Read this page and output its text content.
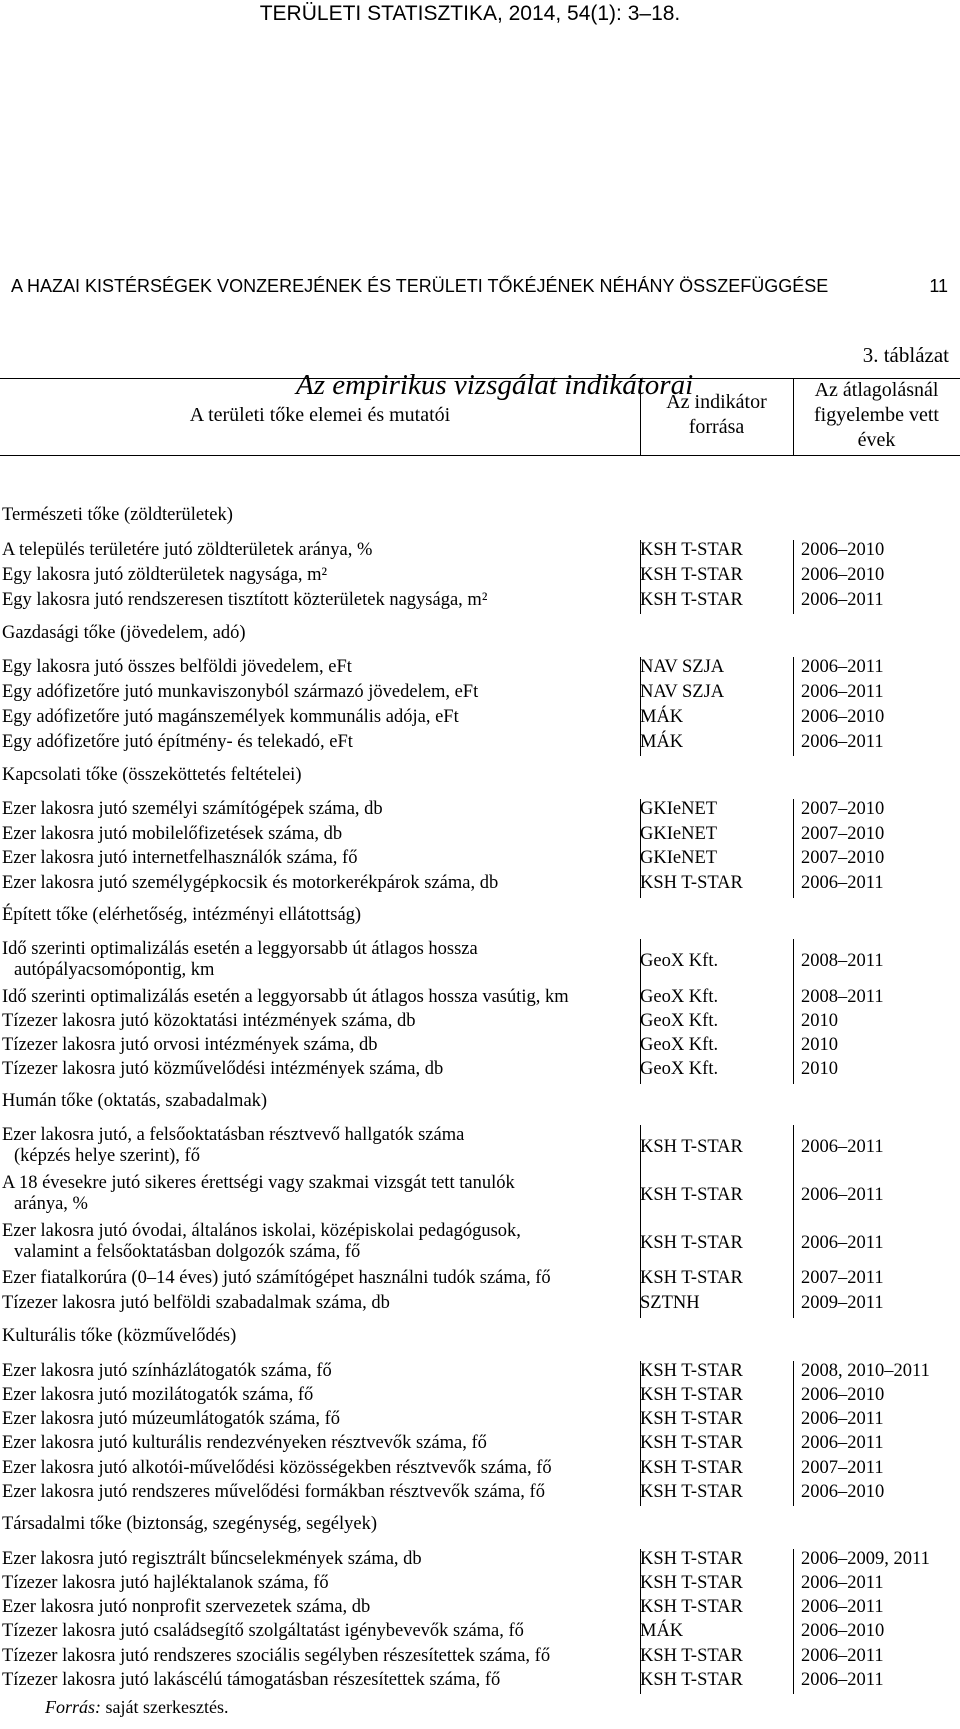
TERÜLETI STATISZTIKA, 2014, 54(1): 3–18.
A HAZAI KISTÉRSÉGEK VONZEREJÉNEK ÉS TERÜLETI TŐKÉJÉNEK NÉHÁNY ÖSSZEFÜGGÉSE	11
3. táblázat
Az empirikus vizsgálat indikátorai
A területi tőke elemei és mutatói
Az indikátor
forrása
Az átlagolásnál
figyelembe vett
évek
Természeti tőke (zöldterületek)
A település területére jutó zöldterületek aránya, %	KSH T-STAR	2006–2010
Egy lakosra jutó zöldterületek nagysága, m²	KSH T-STAR	2006–2010
Egy lakosra jutó rendszeresen tisztított közterületek nagysága, m²	KSH T-STAR	2006–2011
Gazdasági tőke (jövedelem, adó)
Egy lakosra jutó összes belföldi jövedelem, eFt	NAV SZJA	2006–2011
Egy adófizetőre jutó munkaviszonyból származó jövedelem, eFt	NAV SZJA	2006–2011
Egy adófizetőre jutó magánszemélyek kommunális adója, eFt	MÁK	2006–2010
Egy adófizetőre jutó építmény- és telekadó, eFt	MÁK	2006–2011
Kapcsolati tőke (összeköttetés feltételei)
Ezer lakosra jutó személyi számítógépek száma, db	GKIeNET	2007–2010
Ezer lakosra jutó mobilelőfizetések száma, db	GKIeNET	2007–2010
Ezer lakosra jutó internetfelhasználók száma, fő	GKIeNET	2007–2010
Ezer lakosra jutó személygépkocsik és motorkerékpárok száma, db	KSH T-STAR	2006–2011
Épített tőke (elérhetőség, intézményi ellátottság)
Idő szerinti optimalizálás esetén a leggyorsabb út átlagos hossza
autópályacsomópontig, km	GeoX Kft.	2008–2011
Idő szerinti optimalizálás esetén a leggyorsabb út átlagos hossza vasútig, km	GeoX Kft.	2008–2011
Tízezer lakosra jutó közoktatási intézmények száma, db	GeoX Kft.	2010
Tízezer lakosra jutó orvosi intézmények száma, db	GeoX Kft.	2010
Tízezer lakosra jutó közművelődési intézmények száma, db	GeoX Kft.	2010
Humán tőke (oktatás, szabadalmak)
Ezer lakosra jutó, a felsőoktatásban résztvevő hallgatók száma
(képzés helye szerint), fő	KSH T-STAR	2006–2011
A 18 évesekre jutó sikeres érettségi vagy szakmai vizsgát tett tanulók
aránya, %	KSH T-STAR	2006–2011
Ezer lakosra jutó óvodai, általános iskolai, középiskolai pedagógusok,
valamint a felsőoktatásban dolgozók száma, fő	KSH T-STAR	2006–2011
Ezer fiatalkorúra (0–14 éves) jutó számítógépet használni tudók száma, fő	KSH T-STAR	2007–2011
Tízezer lakosra jutó belföldi szabadalmak száma, db	SZTNH	2009–2011
Kulturális tőke (közművelődés)
Ezer lakosra jutó színházlátogatók száma, fő	KSH T-STAR	2008, 2010–2011
Ezer lakosra jutó mozilátogatók száma, fő	KSH T-STAR	2006–2010
Ezer lakosra jutó múzeumlátogatók száma, fő	KSH T-STAR	2006–2011
Ezer lakosra jutó kulturális rendezvényeken résztvevők száma, fő	KSH T-STAR	2006–2011
Ezer lakosra jutó alkotói-művelődési közösségekben résztvevők száma, fő	KSH T-STAR	2007–2011
Ezer lakosra jutó rendszeres művelődési formákban résztvevők száma, fő	KSH T-STAR	2006–2010
Társadalmi tőke (biztonság, szegénység, segélyek)
Ezer lakosra jutó regisztrált bűncselekmények száma, db	KSH T-STAR	2006–2009, 2011
Tízezer lakosra jutó hajléktalanok száma, fő	KSH T-STAR	2006–2011
Ezer lakosra jutó nonprofit szervezetek száma, db	KSH T-STAR	2006–2011
Tízezer lakosra jutó családsegítő szolgáltatást igénybevevők száma, fő	MÁK	2006–2010
Tízezer lakosra jutó rendszeres szociális segélyben részesítettek száma, fő	KSH T-STAR	2006–2011
Tízezer lakosra jutó lakáscélú támogatásban részesítettek száma, fő	KSH T-STAR	2006–2011
Forrás: saját szerkesztés.
